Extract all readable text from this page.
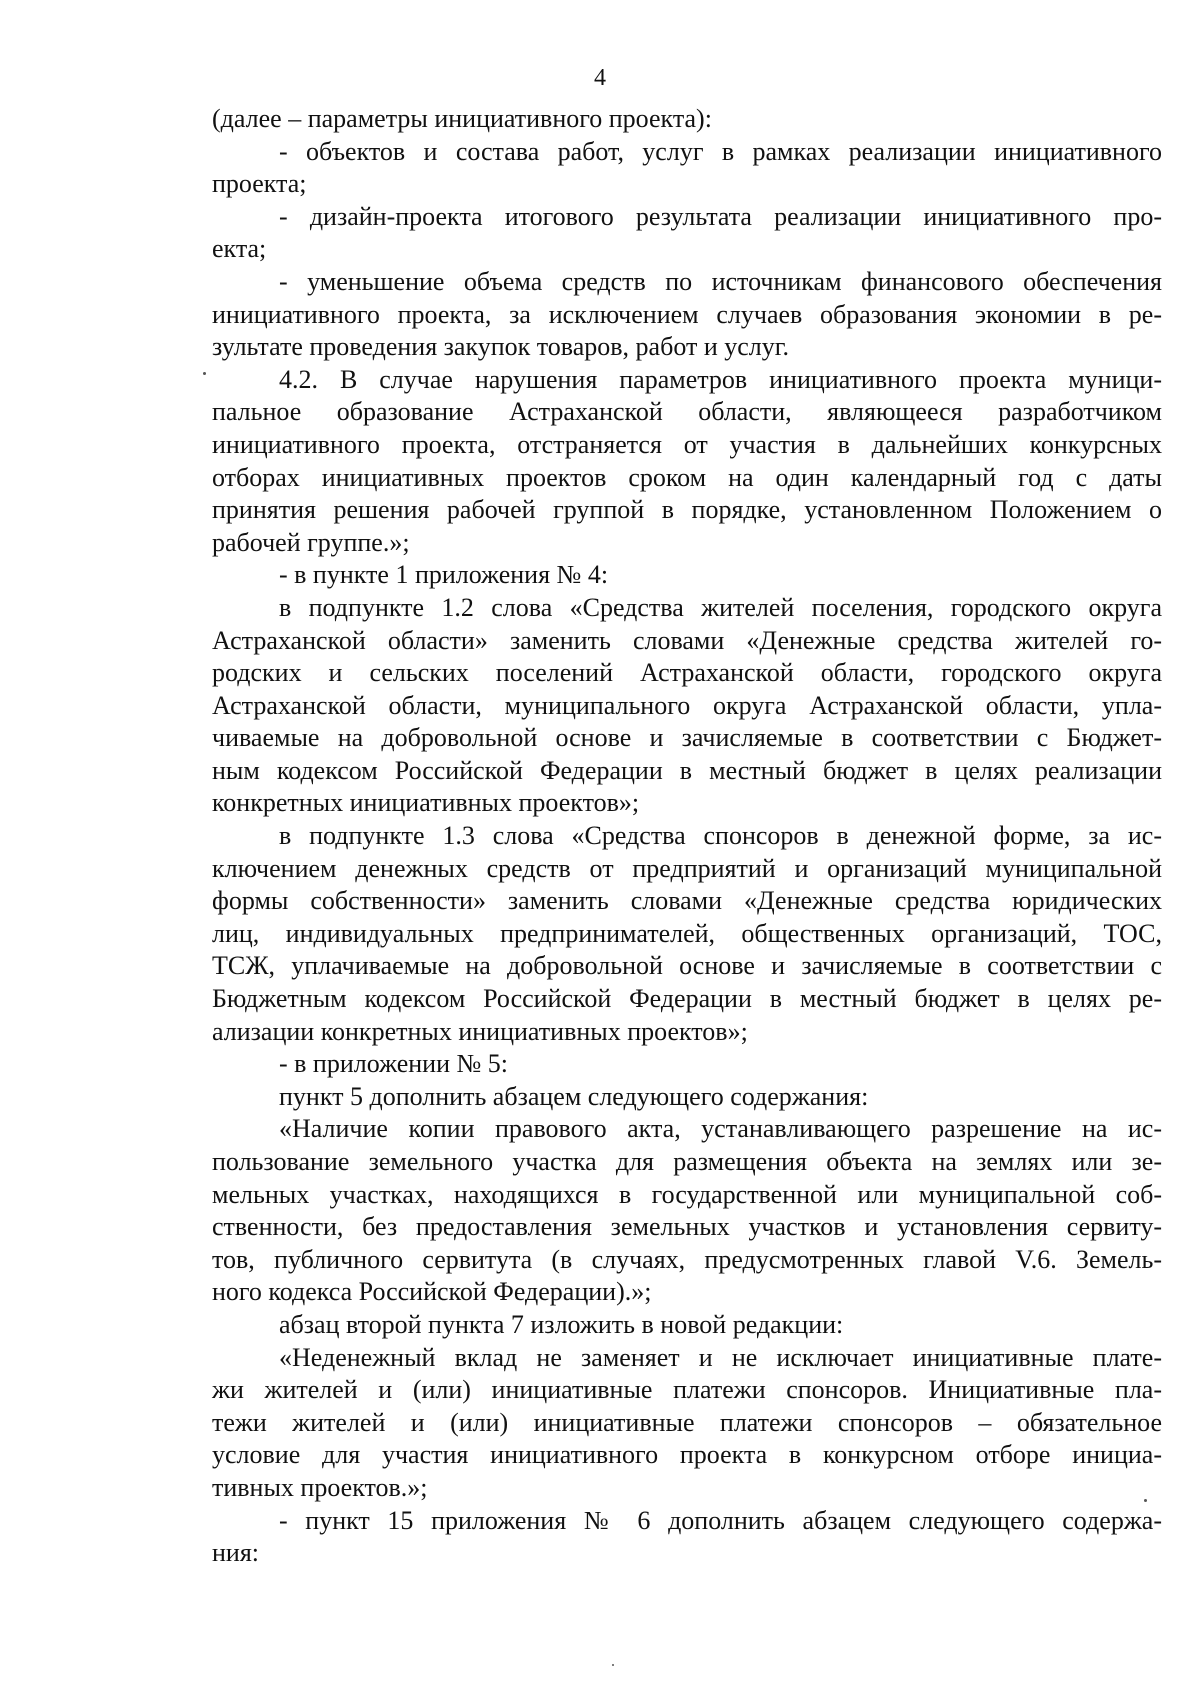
4
(далее – параметры инициативного проекта):
- объектов и состава работ, услуг в рамках реализации инициативного
проекта;
- дизайн-проекта итогового результата реализации инициативного про-
екта;
- уменьшение объема средств по источникам финансового обеспечения
инициативного проекта, за исключением случаев образования экономии в ре-
зультате проведения закупок товаров, работ и услуг.
4.2. В случае нарушения параметров инициативного проекта муници-
пальное образование Астраханской области, являющееся разработчиком
инициативного проекта, отстраняется от участия в дальнейших конкурсных
отборах инициативных проектов сроком на один календарный год с даты
принятия решения рабочей группой в порядке, установленном Положением о
рабочей группе.»;
- в пункте 1 приложения № 4:
в подпункте 1.2 слова «Средства жителей поселения, городского округа
Астраханской области» заменить словами «Денежные средства жителей го-
родских и сельских поселений Астраханской области, городского округа
Астраханской области, муниципального округа Астраханской области, упла-
чиваемые на добровольной основе и зачисляемые в соответствии с Бюджет-
ным кодексом Российской Федерации в местный бюджет в целях реализации
конкретных инициативных проектов»;
в подпункте 1.3 слова «Средства спонсоров в денежной форме, за ис-
ключением денежных средств от предприятий и организаций муниципальной
формы собственности» заменить словами «Денежные средства юридических
лиц, индивидуальных предпринимателей, общественных организаций, ТОС,
ТСЖ, уплачиваемые на добровольной основе и зачисляемые в соответствии с
Бюджетным кодексом Российской Федерации в местный бюджет в целях ре-
ализации конкретных инициативных проектов»;
- в приложении № 5:
пункт 5 дополнить абзацем следующего содержания:
«Наличие копии правового акта, устанавливающего разрешение на ис-
пользование земельного участка для размещения объекта на землях или зе-
мельных участках, находящихся в государственной или муниципальной соб-
ственности, без предоставления земельных участков и установления сервиту-
тов, публичного сервитута (в случаях, предусмотренных главой V.6. Земель-
ного кодекса Российской Федерации).»;
абзац второй пункта 7 изложить в новой редакции:
«Неденежный вклад не заменяет и не исключает инициативные плате-
жи жителей и (или) инициативные платежи спонсоров. Инициативные пла-
тежи жителей и (или) инициативные платежи спонсоров – обязательное
условие для участия инициативного проекта в конкурсном отборе инициа-
тивных проектов.»;
- пункт 15 приложения № 6 дополнить абзацем следующего содержа-
ния:
